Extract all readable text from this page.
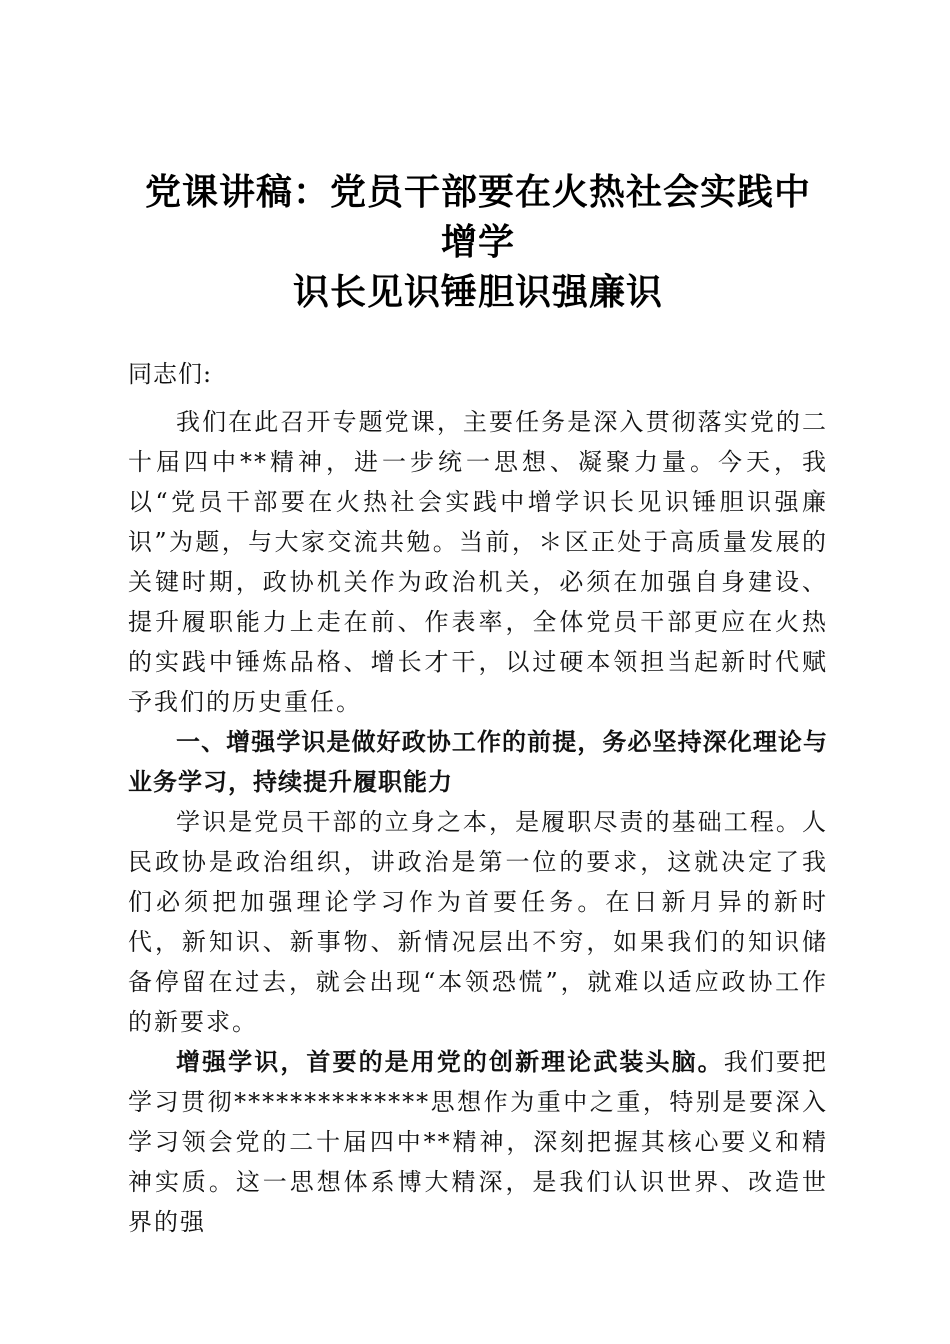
党课讲稿：党员干部要在火热社会实践中增学
识长见识锤胆识强廉识

同志们:

我们在此召开专题党课，主要任务是深入贯彻落实党的二十届四中**精神，进一步统一思想、凝聚力量。今天，我以“党员干部要在火热社会实践中增学识长见识锤胆识强廉识”为题，与大家交流共勉。当前，＊区正处于高质量发展的关键时期，政协机关作为政治机关，必须在加强自身建设、提升履职能力上走在前、作表率，全体党员干部更应在火热的实践中锤炼品格、增长才干，以过硬本领担当起新时代赋予我们的历史重任。

一、增强学识是做好政协工作的前提，务必坚持深化理论与业务学习，持续提升履职能力

学识是党员干部的立身之本，是履职尽责的基础工程。人民政协是政治组织，讲政治是第一位的要求，这就决定了我们必须把加强理论学习作为首要任务。在日新月异的新时代，新知识、新事物、新情况层出不穷，如果我们的知识储备停留在过去，就会出现“本领恐慌”，就难以适应政协工作的新要求。

增强学识，首要的是用党的创新理论武装头脑。我们要把学习贯彻**************思想作为重中之重，特别是要深入学习领会党的二十届四中**精神，深刻把握其核心要义和精神实质。这一思想体系博大精深，是我们认识世界、改造世界的强
